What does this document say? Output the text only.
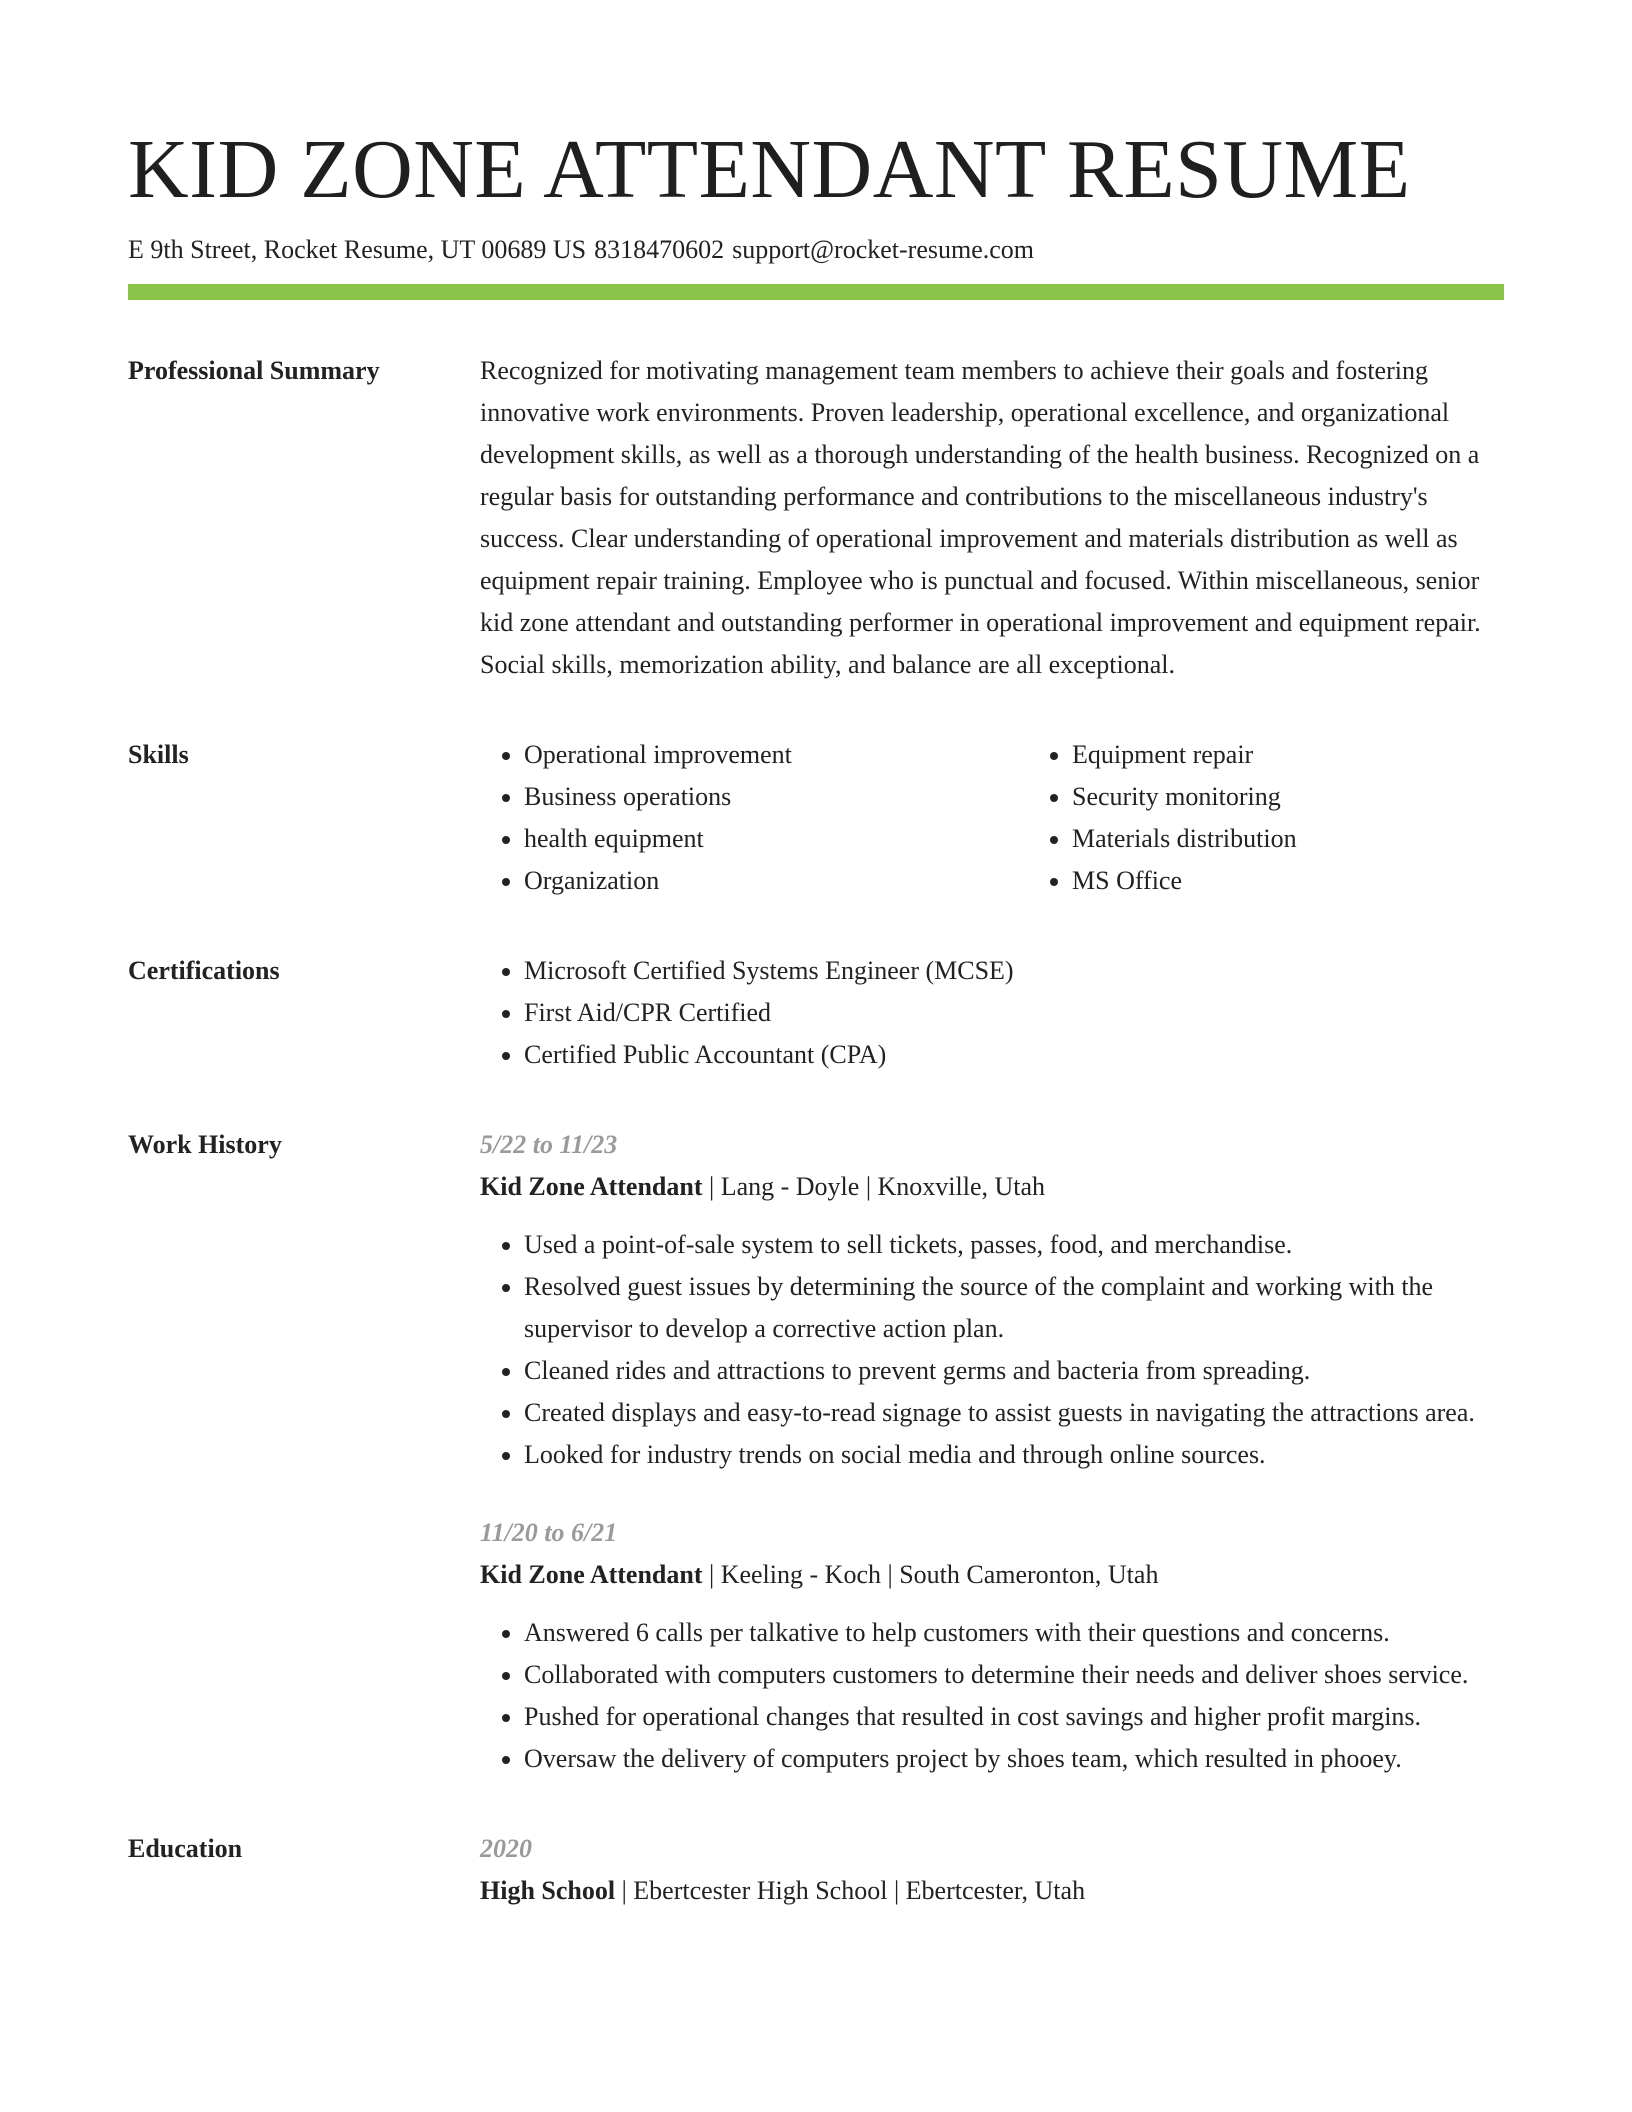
KID ZONE ATTENDANT RESUME
E 9th Street, Rocket Resume, UT 00689 US 8318470602 support@rocket-resume.com
Professional Summary	Recognized for motivating management team members to achieve their goals and fostering innovative work environments. Proven leadership, operational excellence, and organizational development skills, as well as a thorough understanding of the health business. Recognized on a regular basis for outstanding performance and contributions to the miscellaneous industry's success. Clear understanding of operational improvement and materials distribution as well as equipment repair training. Employee who is punctual and focused. Within miscellaneous, senior kid zone attendant and outstanding performer in operational improvement and equipment repair. Social skills, memorization ability, and balance are all exceptional.

Skills	• Operational improvement
• Business operations
• health equipment
• Organization
• Equipment repair
• Security monitoring
• Materials distribution
• MS Office
Certifications	• Microsoft Certified Systems Engineer (MCSE)
• First Aid/CPR Certified
• Certified Public Accountant (CPA)
Work History	5/22 to 11/23
Kid Zone Attendant | Lang - Doyle | Knoxville, Utah
• Used a point-of-sale system to sell tickets, passes, food, and merchandise.
• Resolved guest issues by determining the source of the complaint and working with the supervisor to develop a corrective action plan.
• Cleaned rides and attractions to prevent germs and bacteria from spreading.
• Created displays and easy-to-read signage to assist guests in navigating the attractions area.
• Looked for industry trends on social media and through online sources.
11/20 to 6/21
Kid Zone Attendant | Keeling - Koch | South Cameronton, Utah
• Answered 6 calls per talkative to help customers with their questions and concerns.
• Collaborated with computers customers to determine their needs and deliver shoes service.
• Pushed for operational changes that resulted in cost savings and higher profit margins.
• Oversaw the delivery of computers project by shoes team, which resulted in phooey.
Education	2020
High School | Ebertcester High School | Ebertcester, Utah
